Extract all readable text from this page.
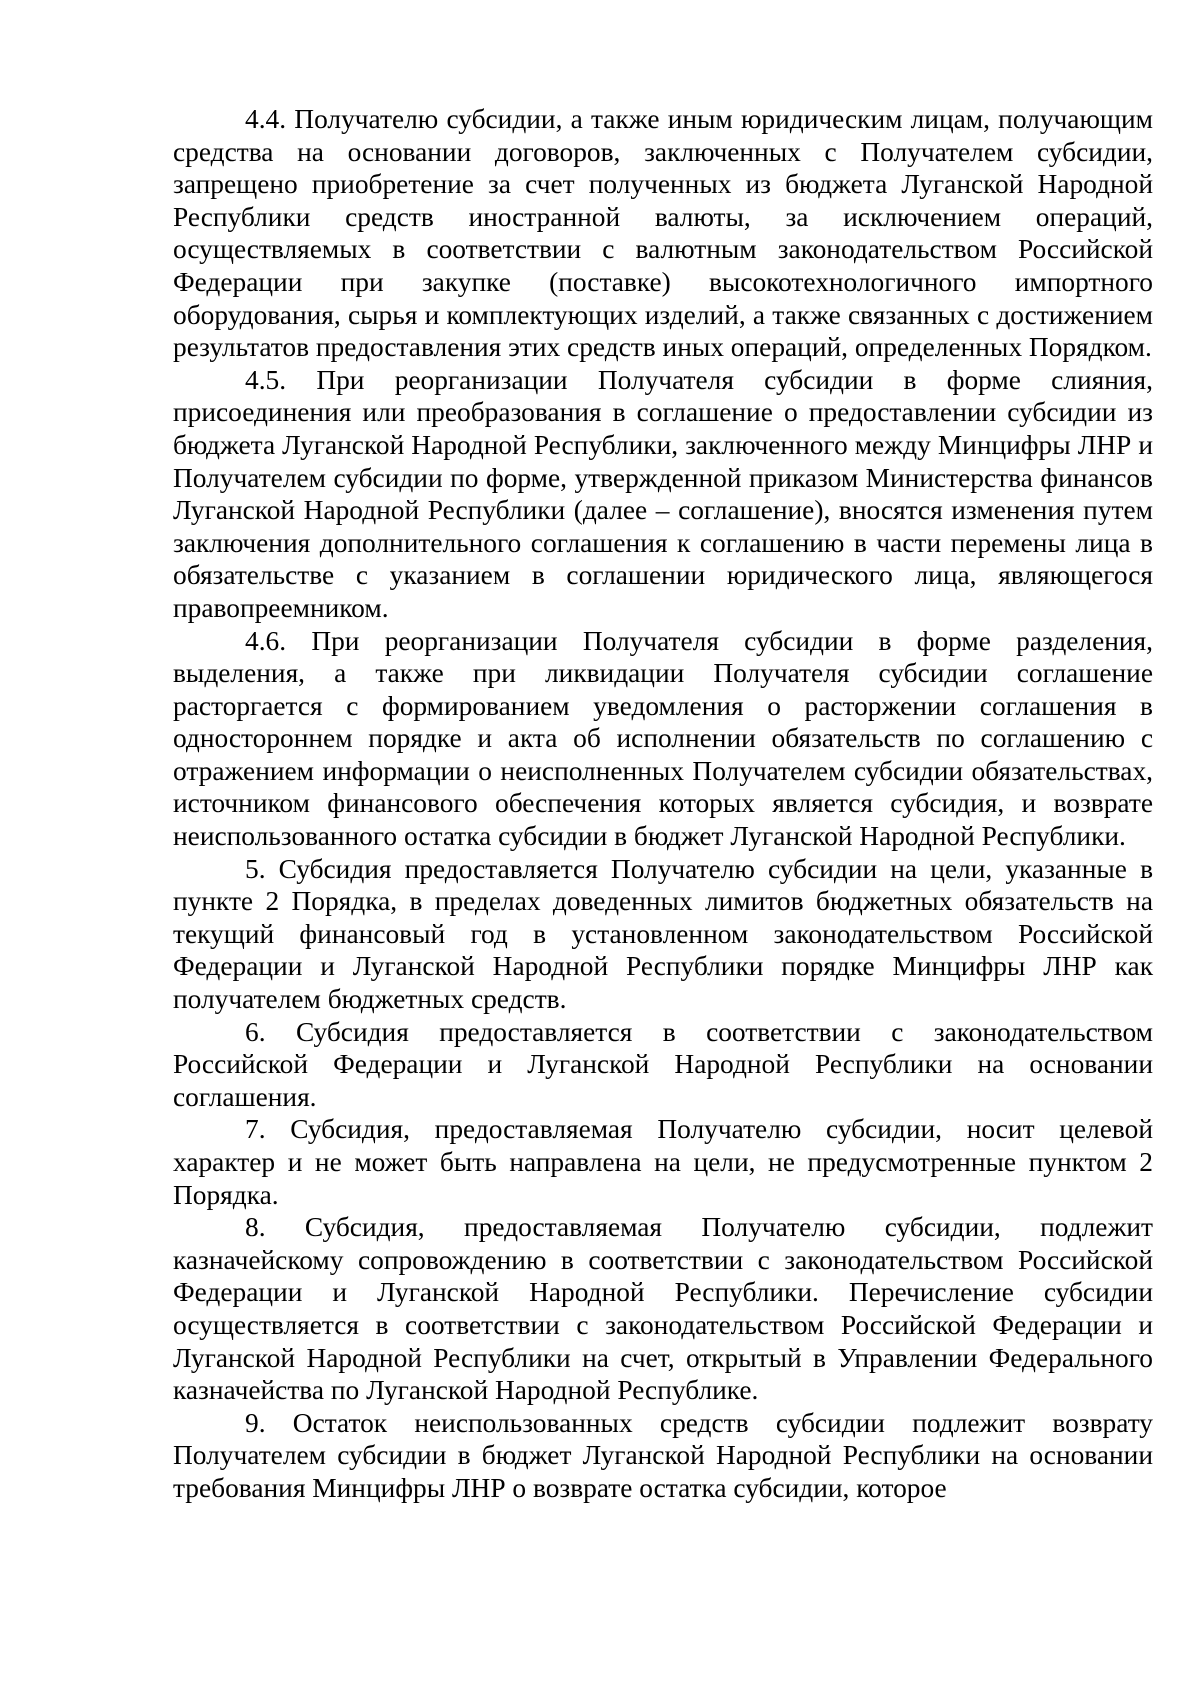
4.4. Получателю субсидии, а также иным юридическим лицам, получающим средства на основании договоров, заключенных с Получателем субсидии, запрещено приобретение за счет полученных из бюджета Луганской Народной Республики средств иностранной валюты, за исключением операций, осуществляемых в соответствии с валютным законодательством Российской Федерации при закупке (поставке) высокотехнологичного импортного оборудования, сырья и комплектующих изделий, а также связанных с достижением результатов предоставления этих средств иных операций, определенных Порядком.

4.5. При реорганизации Получателя субсидии в форме слияния, присоединения или преобразования в соглашение о предоставлении субсидии из бюджета Луганской Народной Республики, заключенного между Минцифры ЛНР и Получателем субсидии по форме, утвержденной приказом Министерства финансов Луганской Народной Республики (далее – соглашение), вносятся изменения путем заключения дополнительного соглашения к соглашению в части перемены лица в обязательстве с указанием в соглашении юридического лица, являющегося правопреемником.

4.6. При реорганизации Получателя субсидии в форме разделения, выделения, а также при ликвидации Получателя субсидии соглашение расторгается с формированием уведомления о расторжении соглашения в одностороннем порядке и акта об исполнении обязательств по соглашению с отражением информации о неисполненных Получателем субсидии обязательствах, источником финансового обеспечения которых является субсидия, и возврате неиспользованного остатка субсидии в бюджет Луганской Народной Республики.

5. Субсидия предоставляется Получателю субсидии на цели, указанные в пункте 2 Порядка, в пределах доведенных лимитов бюджетных обязательств на текущий финансовый год в установленном законодательством Российской Федерации и Луганской Народной Республики порядке Минцифры ЛНР как получателем бюджетных средств.

6. Субсидия предоставляется в соответствии с законодательством Российской Федерации и Луганской Народной Республики на основании соглашения.

7. Субсидия, предоставляемая Получателю субсидии, носит целевой характер и не может быть направлена на цели, не предусмотренные пунктом 2 Порядка.

8. Субсидия, предоставляемая Получателю субсидии, подлежит казначейскому сопровождению в соответствии с законодательством Российской Федерации и Луганской Народной Республики. Перечисление субсидии осуществляется в соответствии с законодательством Российской Федерации и Луганской Народной Республики на счет, открытый в Управлении Федерального казначейства по Луганской Народной Республике.

9. Остаток неиспользованных средств субсидии подлежит возврату Получателем субсидии в бюджет Луганской Народной Республики на основании требования Минцифры ЛНР о возврате остатка субсидии, которое
